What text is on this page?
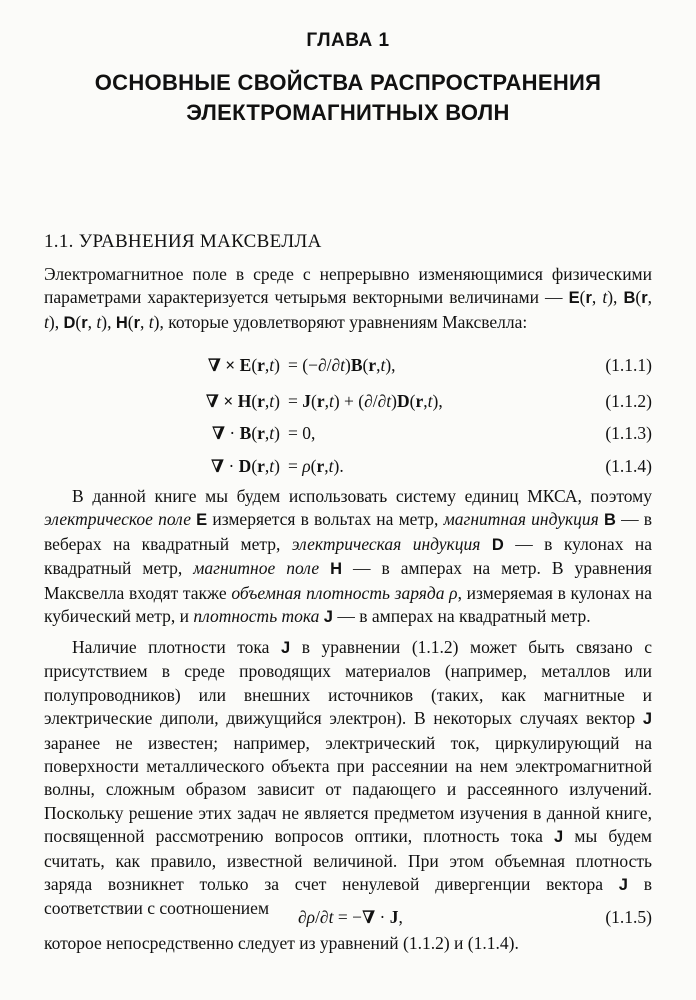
ГЛАВА 1
ОСНОВНЫЕ СВОЙСТВА РАСПРОСТРАНЕНИЯ
ЭЛЕКТРОМАГНИТНЫХ ВОЛН
1.1. УРАВНЕНИЯ МАКСВЕЛЛА

Электромагнитное поле в среде с непрерывно изменяющимися физическими параметрами характеризуется четырьмя векторными величинами — E(r, t), B(r, t), D(r, t), H(r, t), которые удовлетворяют уравнениям Максвелла:

∇ × E(r,t) = (−∂/∂t)B(r,t),	(1.1.1)
∇ × H(r,t) = J(r,t) + (∂/∂t)D(r,t),	(1.1.2)
∇ · B(r,t) = 0,	(1.1.3)
∇ · D(r,t) = ρ(r,t).	(1.1.4)

В данной книге мы будем использовать систему единиц МКСА, поэтому электрическое поле E измеряется в вольтах на метр, магнитная индукция B — в веберах на квадратный метр, электрическая индукция D — в кулонах на квадратный метр, магнитное поле H — в амперах на метр. В уравнения Максвелла входят также объемная плотность заряда ρ, измеряемая в кулонах на кубический метр, и плотность тока J — в амперах на квадратный метр.

Наличие плотности тока J в уравнении (1.1.2) может быть связано с присутствием в среде проводящих материалов (например, металлов или полупроводников) или внешних источников (таких, как магнитные и электрические диполи, движущийся электрон). В некоторых случаях вектор J заранее не известен; например, электрический ток, циркулирующий на поверхности металлического объекта при рассеянии на нем электромагнитной волны, сложным образом зависит от падающего и рассеянного излучений. Поскольку решение этих задач не является предметом изучения в данной книге, посвященной рассмотрению вопросов оптики, плотность тока J мы будем считать, как правило, известной величиной. При этом объемная плотность заряда возникнет только за счет ненулевой дивергенции вектора J в соответствии с соотношением	∂ρ/∂t = −∇ · J,	(1.1.5)

которое непосредственно следует из уравнений (1.1.2) и (1.1.4).
